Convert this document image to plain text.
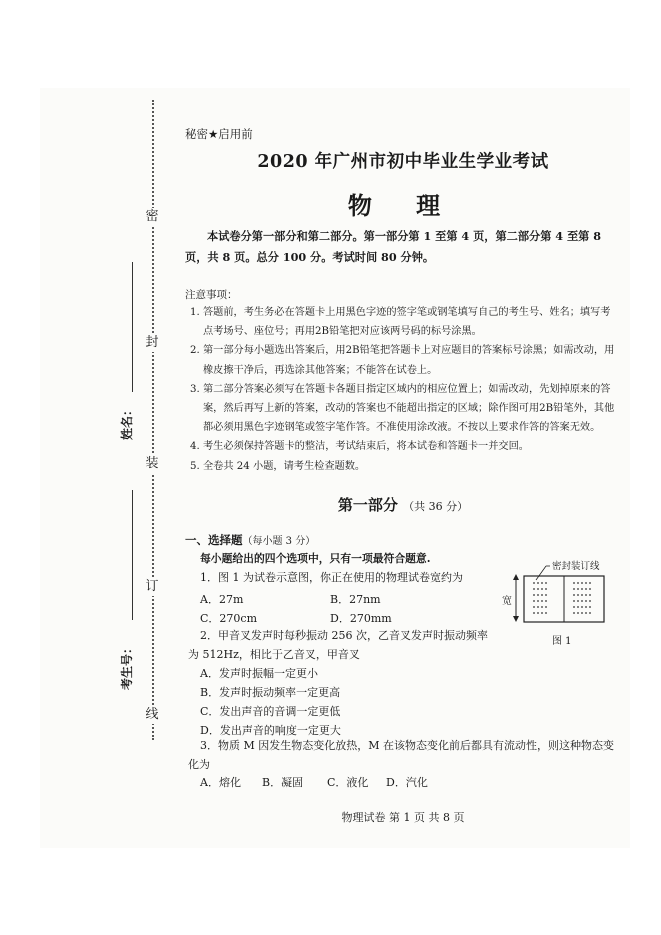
密
封
装
订
线
姓名：
考生号：
秘密★启用前
2020 年广州市初中毕业生学业考试
物 理
本试卷分第一部分和第二部分。第一部分第 1 至第 4 页，第二部分第 4 至第 8 页，共 8 页。总分 100 分。考试时间 80 分钟。
注意事项：
1. 答题前，考生务必在答题卡上用黑色字迹的签字笔或钢笔填写自己的考生号、姓名；填写考点考场号、座位号；再用2B铅笔把对应该两号码的标号涂黑。
2. 第一部分每小题选出答案后，用2B铅笔把答题卡上对应题目的答案标号涂黑；如需改动，用橡皮擦干净后，再选涂其他答案；不能答在试卷上。
3. 第二部分答案必须写在答题卡各题目指定区域内的相应位置上；如需改动，先划掉原来的答案，然后再写上新的答案，改动的答案也不能超出指定的区域；除作图可用2B铅笔外，其他都必须用黑色字迹钢笔或签字笔作答。不准使用涂改液。不按以上要求作答的答案无效。
4. 考生必须保持答题卡的整洁，考试结束后，将本试卷和答题卡一并交回。
5. 全卷共 24 小题，请考生检查题数。
第一部分 （共 36 分）
一、选择题（每小题 3 分）
每小题给出的四个选项中，只有一项最符合题意.
1．图 1 为试卷示意图，你正在使用的物理试卷宽约为
A．27m	B．27nm
C．270cm	D．270mm
2．甲音叉发声时每秒振动 256 次，乙音叉发声时振动频率为 512Hz，相比于乙音叉，甲音叉
A．发声时振幅一定更小
B．发声时振动频率一定更高
C．发出声音的音调一定更低
D．发出声音的响度一定更大
3．物质 M 因发生物态变化放热，M 在该物态变化前后都具有流动性，则这种物态变化为
A．熔化 B．凝固 C．液化 D．汽化
密封装订线
宽
图 1
物理试卷 第 1 页 共 8 页
